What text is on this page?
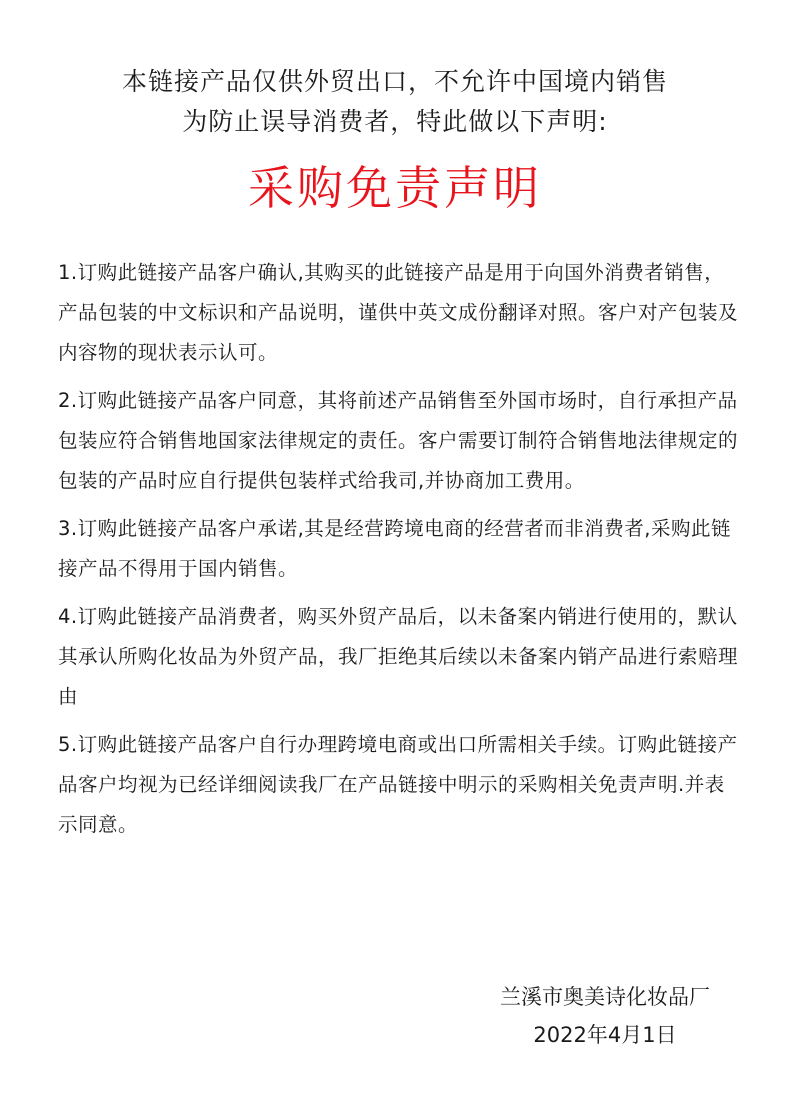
本链接产品仅供外贸出口，不允许中国境内销售
为防止误导消费者，特此做以下声明:
采购免责声明

1.订购此链接产品客户确认,其购买的此链接产品是用于向国外消费者销售，产品包装的中文标识和产品说明，谨供中英文成份翻译对照。客户对产包装及内容物的现状表示认可。

2.订购此链接产品客户同意，其将前述产品销售至外国市场时，自行承担产品包装应符合销售地国家法律规定的责任。客户需要订制符合销售地法律规定的包装的产品时应自行提供包装样式给我司,并协商加工费用。

3.订购此链接产品客户承诺,其是经营跨境电商的经营者而非消费者,采购此链接产品不得用于国内销售。

4.订购此链接产品消费者，购买外贸产品后，以未备案内销进行使用的，默认其承认所购化妆品为外贸产品，我厂拒绝其后续以未备案内销产品进行索赔理由

5.订购此链接产品客户自行办理跨境电商或出口所需相关手续。订购此链接产品客户均视为已经详细阅读我厂在产品链接中明示的采购相关免责声明.并表示同意。

兰溪市奥美诗化妆品厂
2022年4月1日
